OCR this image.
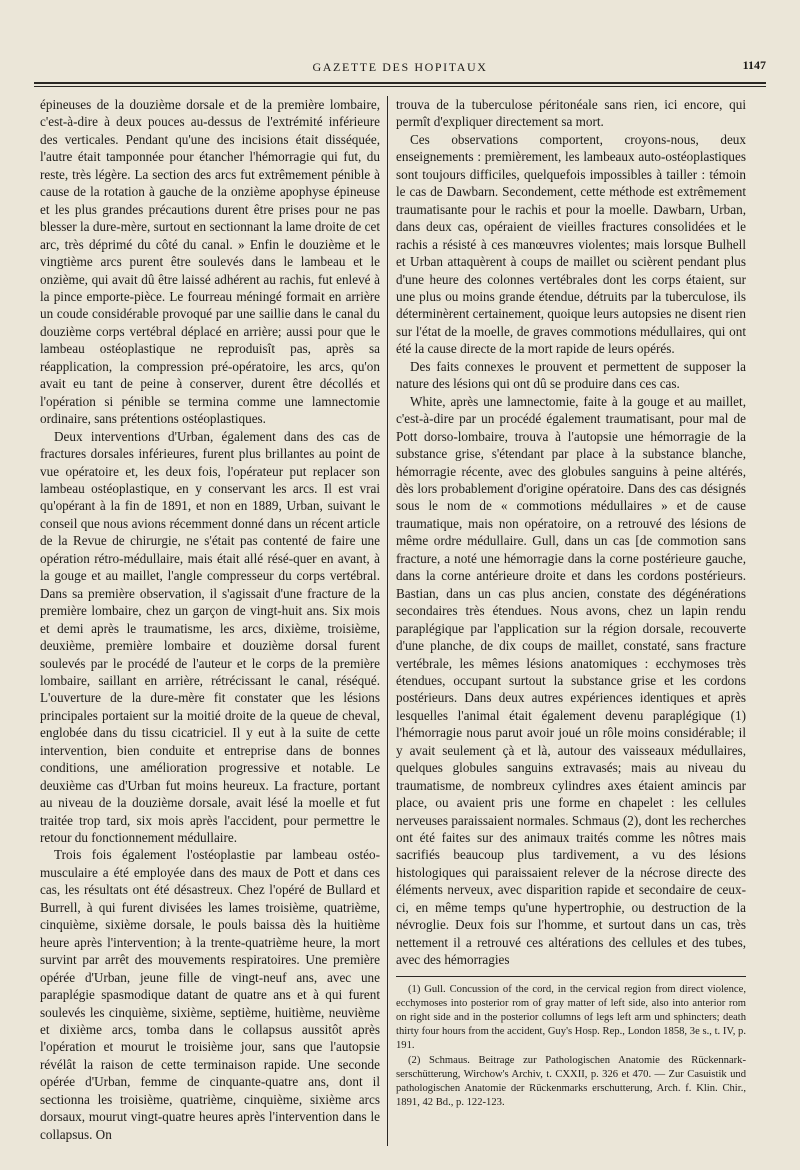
GAZETTE DES HOPITAUX	1147

épineuses de la douzième dorsale et de la première lombaire, c'est-à-dire à deux pouces au-dessus de l'extrémité inférieure des verticales. Pendant qu'une des incisions était disséquée, l'autre était tamponnée pour étancher l'hémorragie qui fut, du reste, très légère. La section des arcs fut extrêmement pénible à cause de la rotation à gauche de la onzième apophyse épineuse et les plus grandes précautions durent être prises pour ne pas blesser la dure-mère, surtout en sectionnant la lame droite de cet arc, très déprimé du côté du canal. » Enfin le douzième et le vingtième arcs purent être soulevés dans le lambeau et le onzième, qui avait dû être laissé adhérent au rachis, fut enlevé à la pince emporte-pièce. Le fourreau méningé formait en arrière un coude considérable provoqué par une saillie dans le canal du douzième corps vertébral déplacé en arrière; aussi pour que le lambeau ostéoplastique ne reproduisît pas, après sa réapplication, la compression pré-opératoire, les arcs, qu'on avait eu tant de peine à conserver, durent être décollés et l'opération si pénible se termina comme une lamnectomie ordinaire, sans prétentions ostéoplastiques.

Deux interventions d'Urban, également dans des cas de fractures dorsales inférieures, furent plus brillantes au point de vue opératoire et, les deux fois, l'opérateur put replacer son lambeau ostéoplastique, en y conservant les arcs. Il est vrai qu'opérant à la fin de 1891, et non en 1889, Urban, suivant le conseil que nous avions récemment donné dans un récent article de la Revue de chirurgie, ne s'était pas contenté de faire une opération rétro-médullaire, mais était allé résé-quer en avant, à la gouge et au maillet, l'angle compresseur du corps vertébral. Dans sa première observation, il s'agissait d'une fracture de la première lombaire, chez un garçon de vingt-huit ans. Six mois et demi après le traumatisme, les arcs, dixième, troisième, deuxième, première lombaire et douzième dorsal furent soulevés par le procédé de l'auteur et le corps de la première lombaire, saillant en arrière, rétrécissant le canal, réséqué. L'ouverture de la dure-mère fit constater que les lésions principales portaient sur la moitié droite de la queue de cheval, englobée dans du tissu cicatriciel. Il y eut à la suite de cette intervention, bien conduite et entreprise dans de bonnes conditions, une amélioration progressive et notable. Le deuxième cas d'Urban fut moins heureux. La fracture, portant au niveau de la douzième dorsale, avait lésé la moelle et fut traitée trop tard, six mois après l'accident, pour permettre le retour du fonctionnement médullaire.

Trois fois également l'ostéoplastie par lambeau ostéo-musculaire a été employée dans des maux de Pott et dans ces cas, les résultats ont été désastreux. Chez l'opéré de Bullard et Burrell, à qui furent divisées les lames troisième, quatrième, cinquième, sixième dorsale, le pouls baissa dès la huitième heure après l'intervention; à la trente-quatrième heure, la mort survint par arrêt des mouvements respiratoires. Une première opérée d'Urban, jeune fille de vingt-neuf ans, avec une paraplégie spasmodique datant de quatre ans et à qui furent soulevés les cinquième, sixième, septième, huitième, neuvième et dixième arcs, tomba dans le collapsus aussitôt après l'opération et mourut le troisième jour, sans que l'autopsie révélât la raison de cette terminaison rapide. Une seconde opérée d'Urban, femme de cinquante-quatre ans, dont il sectionna les troisième, quatrième, cinquième, sixième arcs dorsaux, mourut vingt-quatre heures après l'intervention dans le collapsus. On

trouva de la tuberculose péritonéale sans rien, ici encore, qui permît d'expliquer directement sa mort.

Ces observations comportent, croyons-nous, deux enseignements : premièrement, les lambeaux auto-ostéoplastiques sont toujours difficiles, quelquefois impossibles à tailler : témoin le cas de Dawbarn. Secondement, cette méthode est extrêmement traumatisante pour le rachis et pour la moelle. Dawbarn, Urban, dans deux cas, opéraient de vieilles fractures consolidées et le rachis a résisté à ces manœuvres violentes; mais lorsque Bulhell et Urban attaquèrent à coups de maillet ou scièrent pendant plus d'une heure des colonnes vertébrales dont les corps étaient, sur une plus ou moins grande étendue, détruits par la tuberculose, ils déterminèrent certainement, quoique leurs autopsies ne disent rien sur l'état de la moelle, de graves commotions médullaires, qui ont été la cause directe de la mort rapide de leurs opérés.

Des faits connexes le prouvent et permettent de supposer la nature des lésions qui ont dû se produire dans ces cas.

White, après une lamnectomie, faite à la gouge et au maillet, c'est-à-dire par un procédé également traumatisant, pour mal de Pott dorso-lombaire, trouva à l'autopsie une hémorragie de la substance grise, s'étendant par place à la substance blanche, hémorragie récente, avec des globules sanguins à peine altérés, dès lors probablement d'origine opératoire. Dans des cas désignés sous le nom de « commotions médullaires » et de cause traumatique, mais non opératoire, on a retrouvé des lésions de même ordre médullaire. Gull, dans un cas [de commotion sans fracture, a noté une hémorragie dans la corne postérieure gauche, dans la corne antérieure droite et dans les cordons postérieurs. Bastian, dans un cas plus ancien, constate des dégénérations secondaires très étendues. Nous avons, chez un lapin rendu paraplégique par l'application sur la région dorsale, recouverte d'une planche, de dix coups de maillet, constaté, sans fracture vertébrale, les mêmes lésions anatomiques : ecchymoses très étendues, occupant surtout la substance grise et les cordons postérieurs. Dans deux autres expériences identiques et après lesquelles l'animal était également devenu paraplégique (1) l'hémorragie nous parut avoir joué un rôle moins considérable; il y avait seulement çà et là, autour des vaisseaux médullaires, quelques globules sanguins extravasés; mais au niveau du traumatisme, de nombreux cylindres axes étaient amincis par place, ou avaient pris une forme en chapelet : les cellules nerveuses paraissaient normales. Schmaus (2), dont les recherches ont été faites sur des animaux traités comme les nôtres mais sacrifiés beaucoup plus tardivement, a vu des lésions histologiques qui paraissaient relever de la nécrose directe des éléments nerveux, avec disparition rapide et secondaire de ceux-ci, en même temps qu'une hypertrophie, ou destruction de la névroglie. Deux fois sur l'homme, et surtout dans un cas, très nettement il a retrouvé ces altérations des cellules et des tubes, avec des hémorragies

(1) Gull. Concussion of the cord, in the cervical region from direct violence, ecchymoses into posterior rom of gray matter of left side, also into anterior rom on right side and in the posterior collumns of legs left arm und sphincters; death thirty four hours from the accident, Guy's Hosp. Rep., London 1858, 3e s., t. IV, p. 191.

(2) Schmaus. Beitrage zur Pathologischen Anatomie des Rückennark-serschütterung, Wirchow's Archiv, t. CXXII, p. 326 et 470. — Zur Casuistik und pathologischen Anatomie der Rückenmarks erschutterung, Arch. f. Klin. Chir., 1891, 42 Bd., p. 122-123.
